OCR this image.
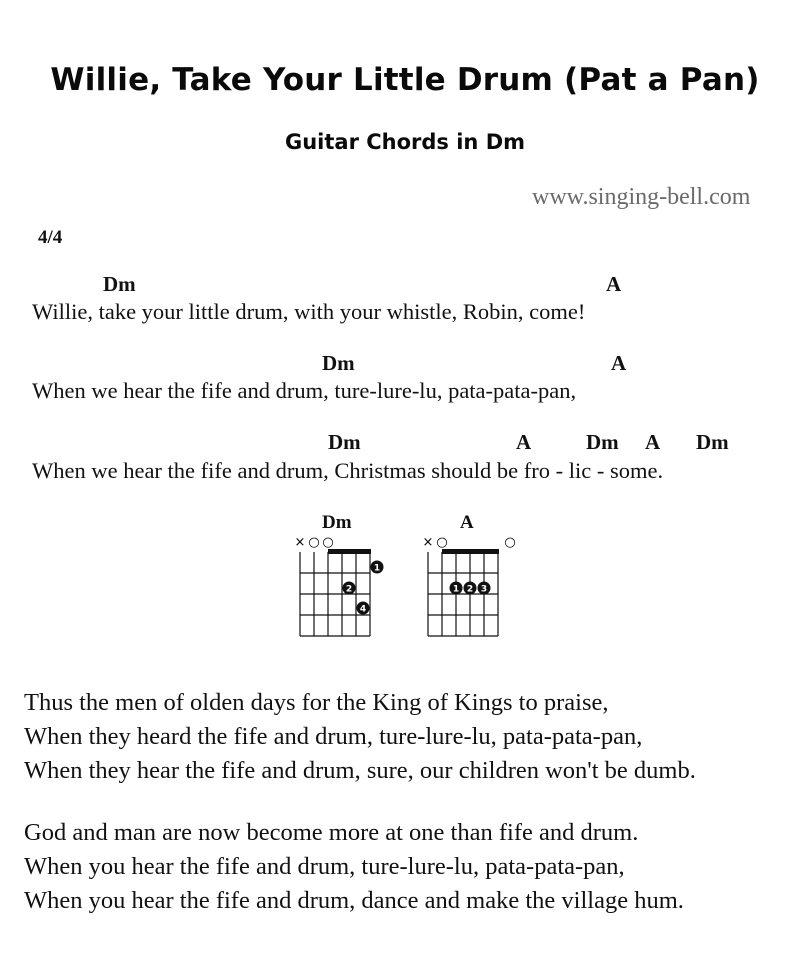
Willie, Take Your Little Drum (Pat a Pan)
Guitar Chords in Dm
www.singing-bell.com
4/4
Dm	A
Willie, take your little drum, with your whistle, Robin, come!
Dm	A
When we hear the fife and drum, ture-lure-lu, pata-pata-pan,
Dm	A	Dm A Dm
When we hear the fife and drum, Christmas should be fro - lic - some.
Dm
× ○ ○
1
2
4
A
× ○	○
1 2 3
Thus the men of olden days for the King of Kings to praise,
When they heard the fife and drum, ture-lure-lu, pata-pata-pan,
When they hear the fife and drum, sure, our children won't be dumb.
God and man are now become more at one than fife and drum.
When you hear the fife and drum, ture-lure-lu, pata-pata-pan,
When you hear the fife and drum, dance and make the village hum.
